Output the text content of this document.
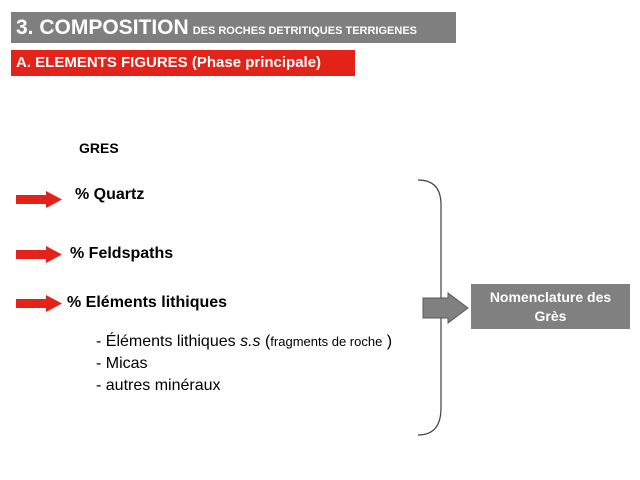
3. COMPOSITION DES ROCHES DETRITIQUES TERRIGENES
A. ELEMENTS FIGURES (Phase principale)
GRES
% Quartz
% Feldspaths
% Eléments lithiques
- Éléments lithiques s.s (fragments de roche )
- Micas
- autres minéraux
Nomenclature des
Grès
